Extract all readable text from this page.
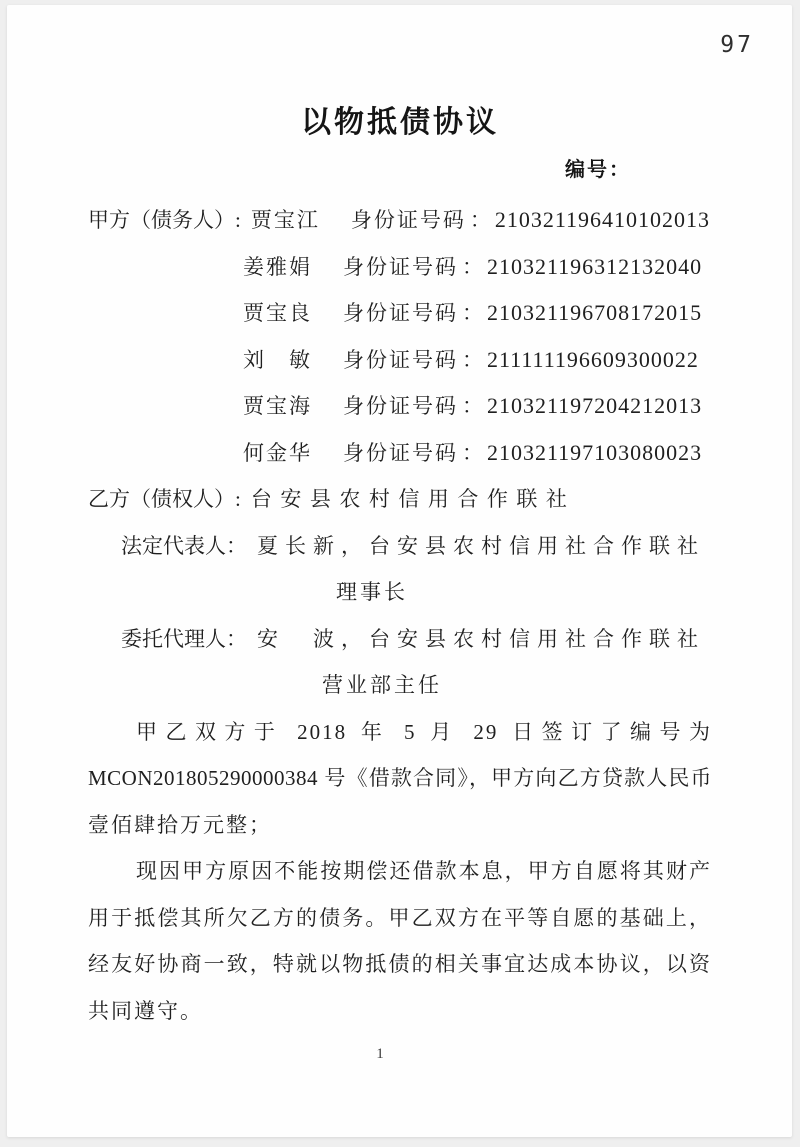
97
以物抵债协议
编号：
甲方（债务人）: 贾宝江 身份证号码 ： 210321196410102013
姜雅娟 身份证号码 ： 210321196312132040
贾宝良 身份证号码 ： 210321196708172015
刘　敏 身份证号码 ： 211111196609300022
贾宝海 身份证号码 ： 210321197204212013
何金华 身份证号码 ： 210321197103080023
乙方（债权人）: 台安县农村信用合作联社
法定代表人： 夏长新，台安县农村信用社合作联社
理事长
委托代理人： 安　波，台安县农村信用社合作联社
营业部主任
甲乙双方于 2018 年 5 月 29 日签订了编号为
MCON201805290000384 号《借款合同》，甲方向乙方贷款人民币
壹佰肆拾万元整；
现因甲方原因不能按期偿还借款本息，甲方自愿将其财产
用于抵偿其所欠乙方的债务。甲乙双方在平等自愿的基础上，
经友好协商一致，特就以物抵债的相关事宜达成本协议，以资
共同遵守。
1
